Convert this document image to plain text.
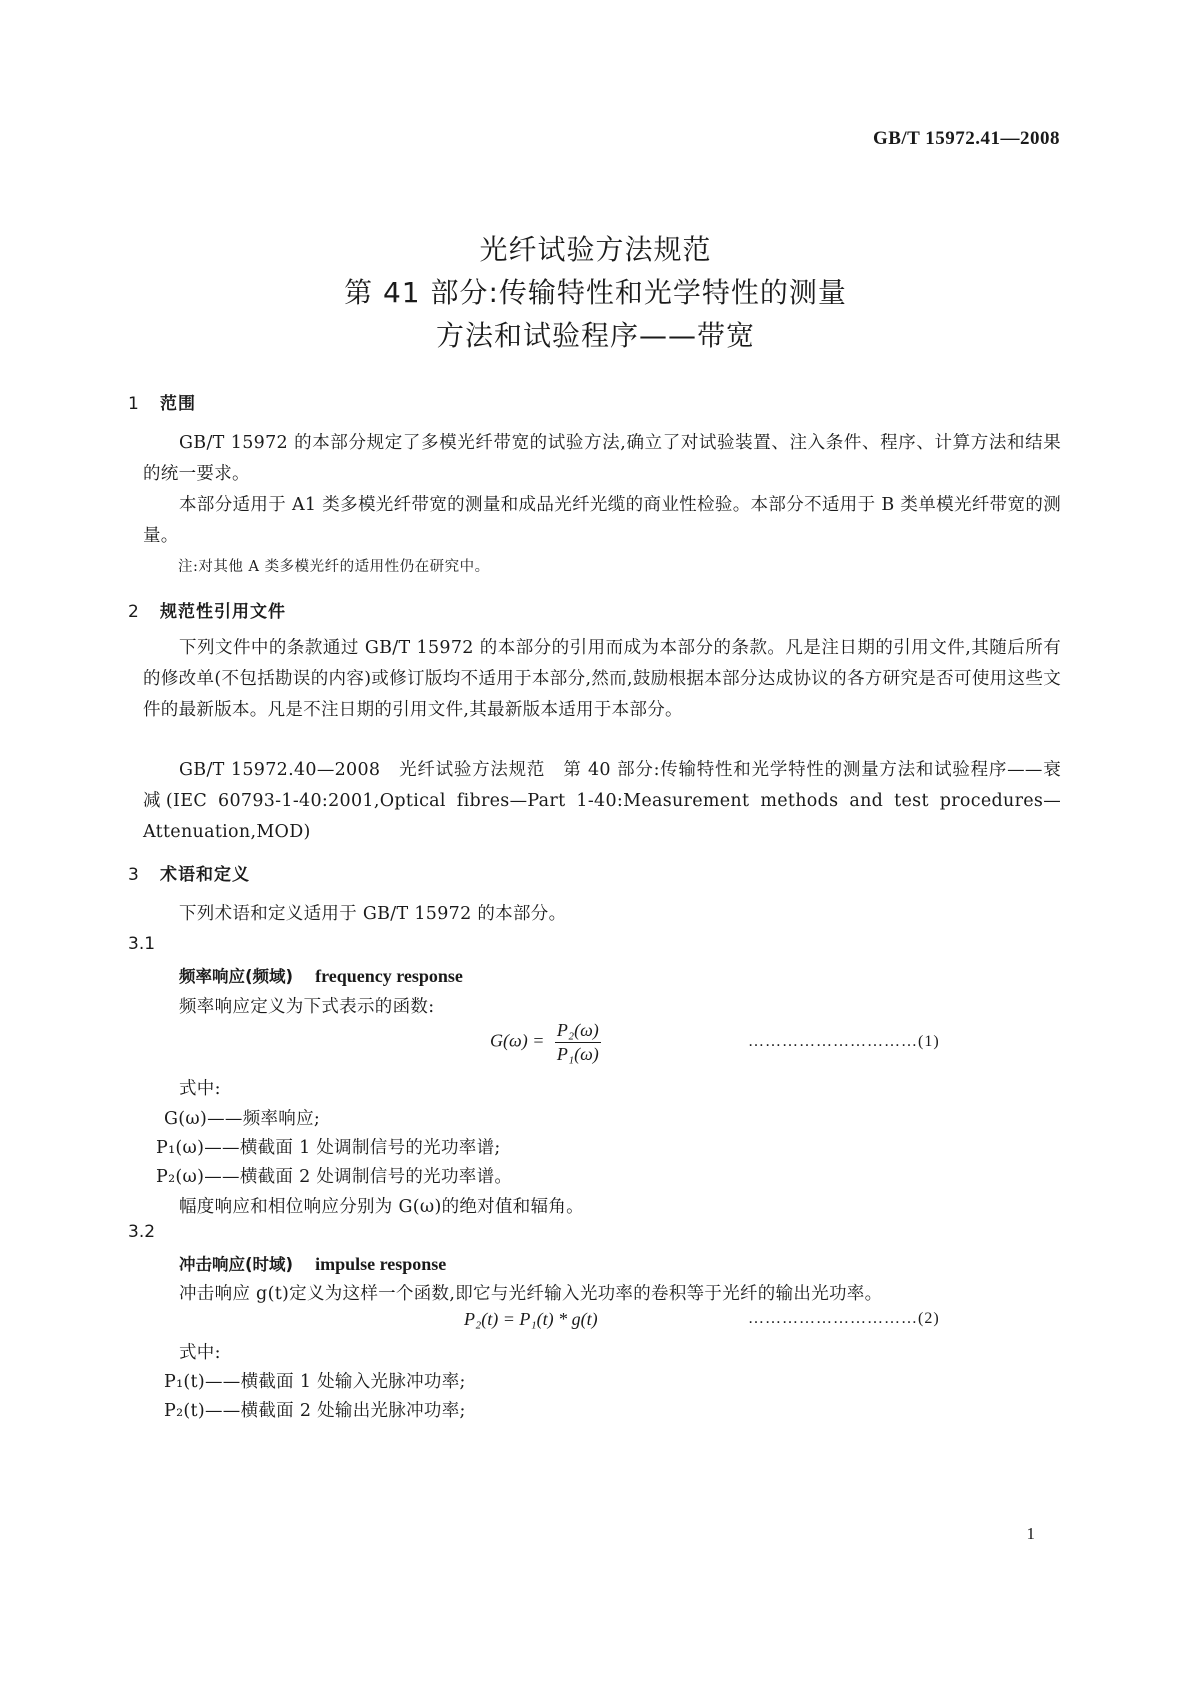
GB/T 15972.41—2008
光纤试验方法规范
第 41 部分:传输特性和光学特性的测量
方法和试验程序——带宽
1 范围
GB/T 15972 的本部分规定了多模光纤带宽的试验方法,确立了对试验装置、注入条件、程序、计算方法和结果的统一要求。
本部分适用于 A1 类多模光纤带宽的测量和成品光纤光缆的商业性检验。本部分不适用于 B 类单模光纤带宽的测量。
注:对其他 A 类多模光纤的适用性仍在研究中。
2 规范性引用文件
下列文件中的条款通过 GB/T 15972 的本部分的引用而成为本部分的条款。凡是注日期的引用文件,其随后所有的修改单(不包括勘误的内容)或修订版均不适用于本部分,然而,鼓励根据本部分达成协议的各方研究是否可使用这些文件的最新版本。凡是不注日期的引用文件,其最新版本适用于本部分。
GB/T 15972.40—2008　光纤试验方法规范　第 40 部分:传输特性和光学特性的测量方法和试验程序——衰减(IEC 60793-1-40:2001,Optical fibres—Part 1-40:Measurement methods and test procedures—Attenuation,MOD)
3 术语和定义
下列术语和定义适用于 GB/T 15972 的本部分。
3.1
频率响应(频域) frequency response
频率响应定义为下式表示的函数:
$G(\omega) = \frac{\text{P₂(ω)}}{\text{P₁(ω)}}$	…………………………(1)
式中:
G(ω)——频率响应;
P₁(ω)——横截面 1 处调制信号的光功率谱;
P₂(ω)——横截面 2 处调制信号的光功率谱。
幅度响应和相位响应分别为 G(ω)的绝对值和辐角。
3.2
冲击响应(时域) impulse response
冲击响应 g(t)定义为这样一个函数,即它与光纤输入光功率的卷积等于光纤的输出光功率。
P₂(t) = P₁(t) * g(t)	…………………………(2)
式中:
P₁(t)——横截面 1 处输入光脉冲功率;
P₂(t)——横截面 2 处输出光脉冲功率;
1
